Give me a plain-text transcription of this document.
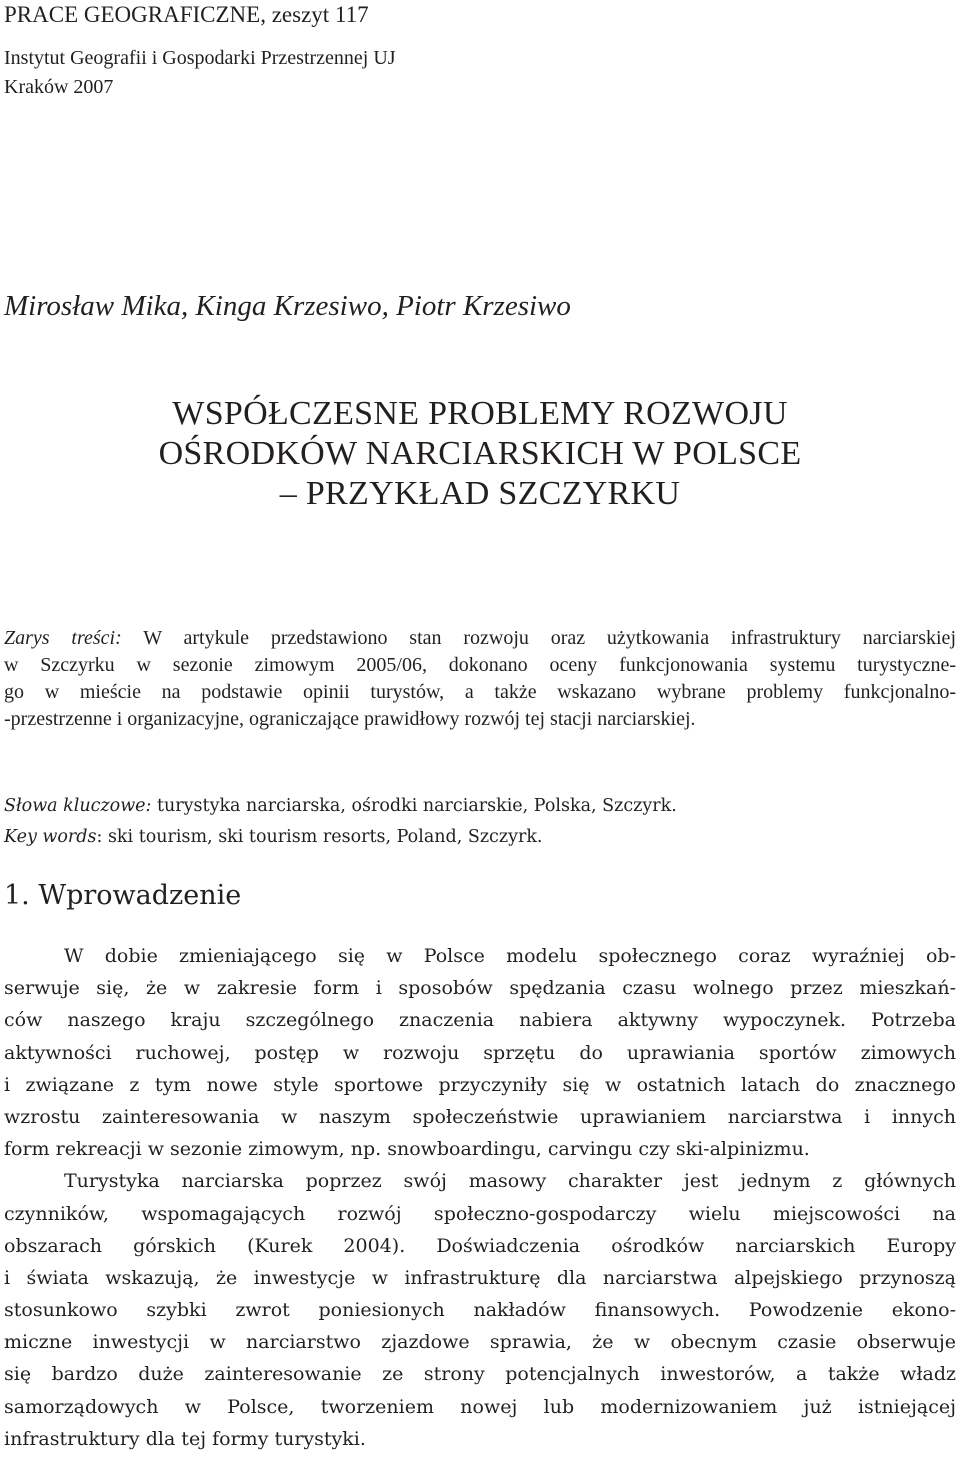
PRACE GEOGRAFICZNE, zeszyt 117
Instytut Geografii i Gospodarki Przestrzennej UJ
Kraków 2007
Mirosław Mika, Kinga Krzesiwo, Piotr Krzesiwo
WSPÓŁCZESNE PROBLEMY ROZWOJU
OŚRODKÓW NARCIARSKICH W POLSCE
– PRZYKŁAD SZCZYRKU
Zarys treści: W artykule przedstawiono stan rozwoju oraz użytkowania infrastruktury narciarskiej
w Szczyrku w sezonie zimowym 2005/06, dokonano oceny funkcjonowania systemu turystyczne-
go w mieście na podstawie opinii turystów, a także wskazano wybrane problemy funkcjonalno-
-przestrzenne i organizacyjne, ograniczające prawidłowy rozwój tej stacji narciarskiej.
Słowa kluczowe: turystyka narciarska, ośrodki narciarskie, Polska, Szczyrk.
Key words: ski tourism, ski tourism resorts, Poland, Szczyrk.
1. Wprowadzenie
W dobie zmieniającego się w Polsce modelu społecznego coraz wyraźniej ob-
serwuje się, że w zakresie form i sposobów spędzania czasu wolnego przez mieszkań-
ców naszego kraju szczególnego znaczenia nabiera aktywny wypoczynek. Potrzeba
aktywności ruchowej, postęp w rozwoju sprzętu do uprawiania sportów zimowych
i związane z tym nowe style sportowe przyczyniły się w ostatnich latach do znacznego
wzrostu zainteresowania w naszym społeczeństwie uprawianiem narciarstwa i innych
form rekreacji w sezonie zimowym, np. snowboardingu, carvingu czy ski-alpinizmu.
Turystyka narciarska poprzez swój masowy charakter jest jednym z głównych
czynników, wspomagających rozwój społeczno-gospodarczy wielu miejscowości na
obszarach górskich (Kurek 2004). Doświadczenia ośrodków narciarskich Europy
i świata wskazują, że inwestycje w infrastrukturę dla narciarstwa alpejskiego przynoszą
stosunkowo szybki zwrot poniesionych nakładów finansowych. Powodzenie ekono-
miczne inwestycji w narciarstwo zjazdowe sprawia, że w obecnym czasie obserwuje
się bardzo duże zainteresowanie ze strony potencjalnych inwestorów, a także władz
samorządowych w Polsce, tworzeniem nowej lub modernizowaniem już istniejącej
infrastruktury dla tej formy turystyki.
